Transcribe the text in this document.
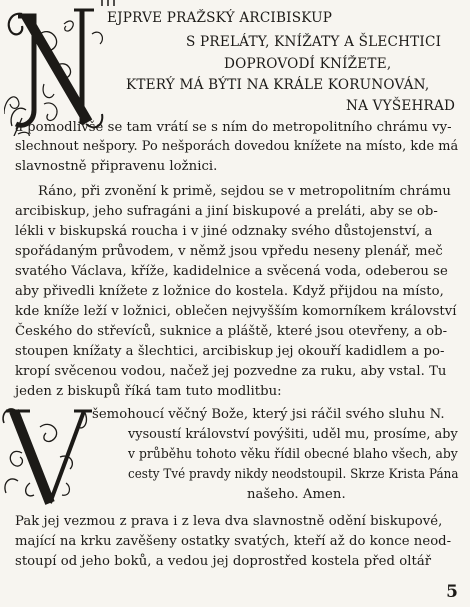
EJPRVE PRAŽSKÝ ARCIBISKUP
S PRELÁTY, KNÍŽATY A ŠLECHTICI
DOPROVODÍ KNÍŽETE,
KTERÝ MÁ BÝTI NA KRÁLE KORUNOVÁN,
NA VYŠEHRAD
a pomodlivše se tam vrátí se s ním do metropolitního chrámu vy-
slechnout nešpory. Po nešporách dovedou knížete na místo, kde má
slavnostně připravenu ložnici.
Ráno, při zvonění k primě, sejdou se v metropolitním chrámu
arcibiskup, jeho sufragáni a jiní biskupové a preláti, aby se ob-
lékli v biskupská roucha i v jiné odznaky svého důstojenství, a
spořádaným průvodem, v němž jsou vpředu neseny plenář, meč
svatého Václava, kříže, kadidelnice a svěcená voda, odeberou se
aby přivedli knížete z ložnice do kostela. Když přijdou na místo,
kde kníže leží v ložnici, oblečen nejvyšším komorníkem království
Českého do střevíců, suknice a pláště, které jsou otevřeny, a ob-
stoupen knížaty a šlechtici, arcibiskup jej okouří kadidlem a po-
kropí svěcenou vodou, načež jej pozvedne za ruku, aby vstal. Tu
jeden z biskupů říká tam tuto modlitbu:
šemohoucí věčný Bože, který jsi ráčil svého sluhu N.
vysoustí království povýšiti, uděl mu, prosíme, aby
v průběhu tohoto věku řídil obecné blaho všech, aby
cesty Tvé pravdy nikdy neodstoupil. Skrze Krista Pána
našeho. Amen.
Pak jej vezmou z prava i z leva dva slavnostně odění biskupové,
mající na krku zavěšeny ostatky svatých, kteří až do konce neod-
stoupí od jeho boků, a vedou jej doprostřed kostela před oltář
5
